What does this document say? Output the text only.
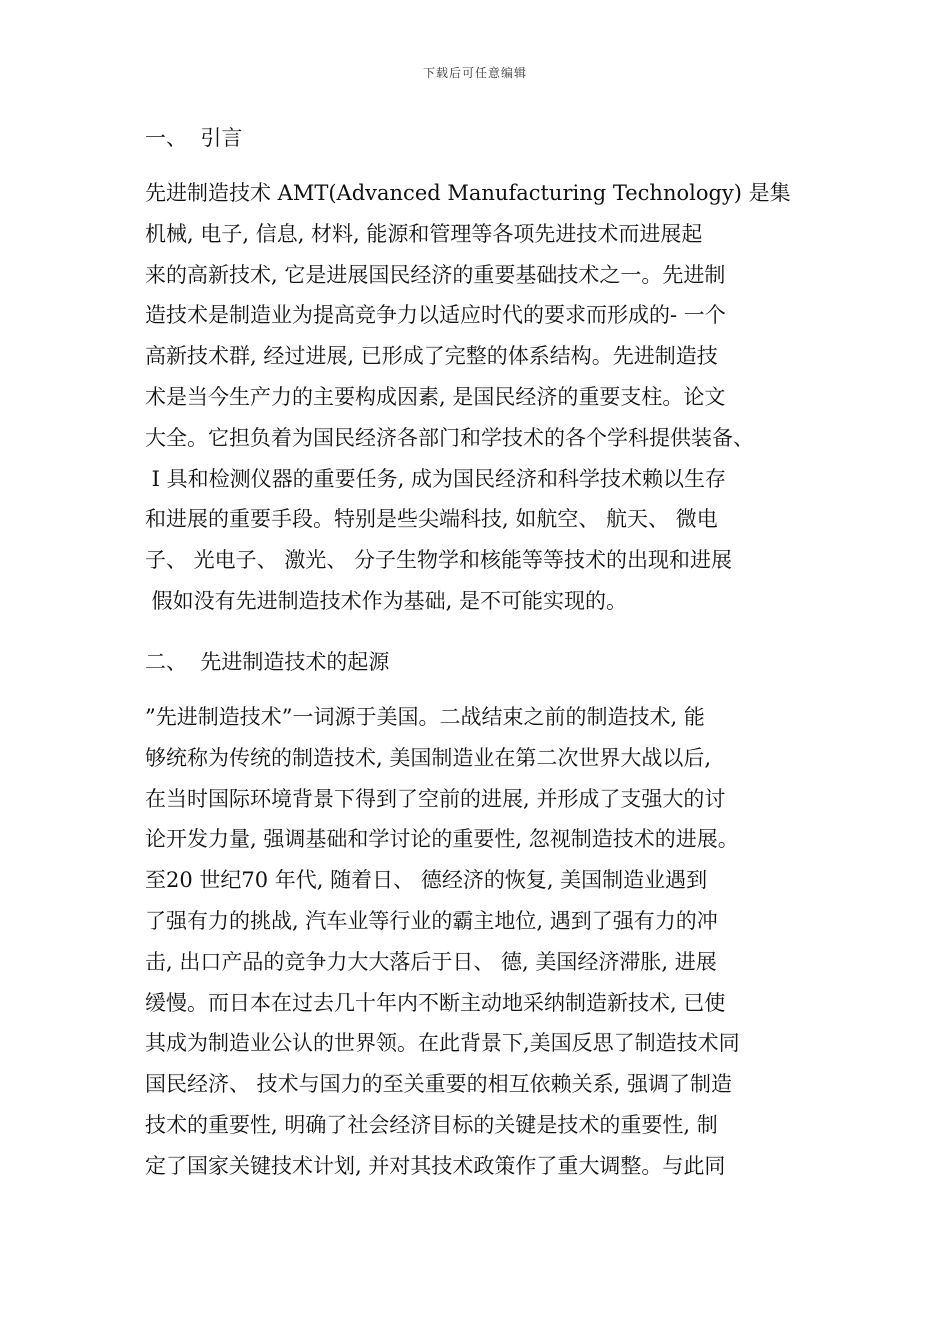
下载后可任意编辑
一、  引言
先进制造技术 AMT(Advanced Manufacturing Technology) 是集
机械, 电子, 信息, 材料, 能源和管理等各项先进技术而进展起
来的高新技术, 它是进展国民经济的重要基础技术之一。先进制
造技术是制造业为提高竞争力以适应时代的要求而形成的- 一个
高新技术群, 经过进展, 已形成了完整的体系结构。先进制造技
术是当今生产力的主要构成因素, 是国民经济的重要支柱。论文
大全。它担负着为国民经济各部门和学技术的各个学科提供装备、
I 具和检测仪器的重要任务, 成为国民经济和科学技术赖以生存
和进展的重要手段。特别是些尖端科技, 如航空、 航天、 微电
子、 光电子、 激光、 分子生物学和核能等等技术的出现和进展
假如没有先进制造技术作为基础, 是不可能实现的。
二、  先进制造技术的起源
”先进制造技术”一词源于美国。二战结束之前的制造技术, 能
够统称为传统的制造技术, 美国制造业在第二次世界大战以后,
在当时国际环境背景下得到了空前的进展, 并形成了支强大的讨
论开发力量, 强调基础和学讨论的重要性, 忽视制造技术的进展。
至20 世纪70 年代, 随着日、 德经济的恢复, 美国制造业遇到
了强有力的挑战, 汽车业等行业的霸主地位, 遇到了强有力的冲
击, 出口产品的竞争力大大落后于日、 德, 美国经济滞胀, 进展
缓慢。而日本在过去几十年内不断主动地采纳制造新技术, 已使
其成为制造业公认的世界领。在此背景下,美国反思了制造技术同
国民经济、 技术与国力的至关重要的相互依赖关系, 强调了制造
技术的重要性, 明确了社会经济目标的关键是技术的重要性, 制
定了国家关键技术计划, 并对其技术政策作了重大调整。与此同
